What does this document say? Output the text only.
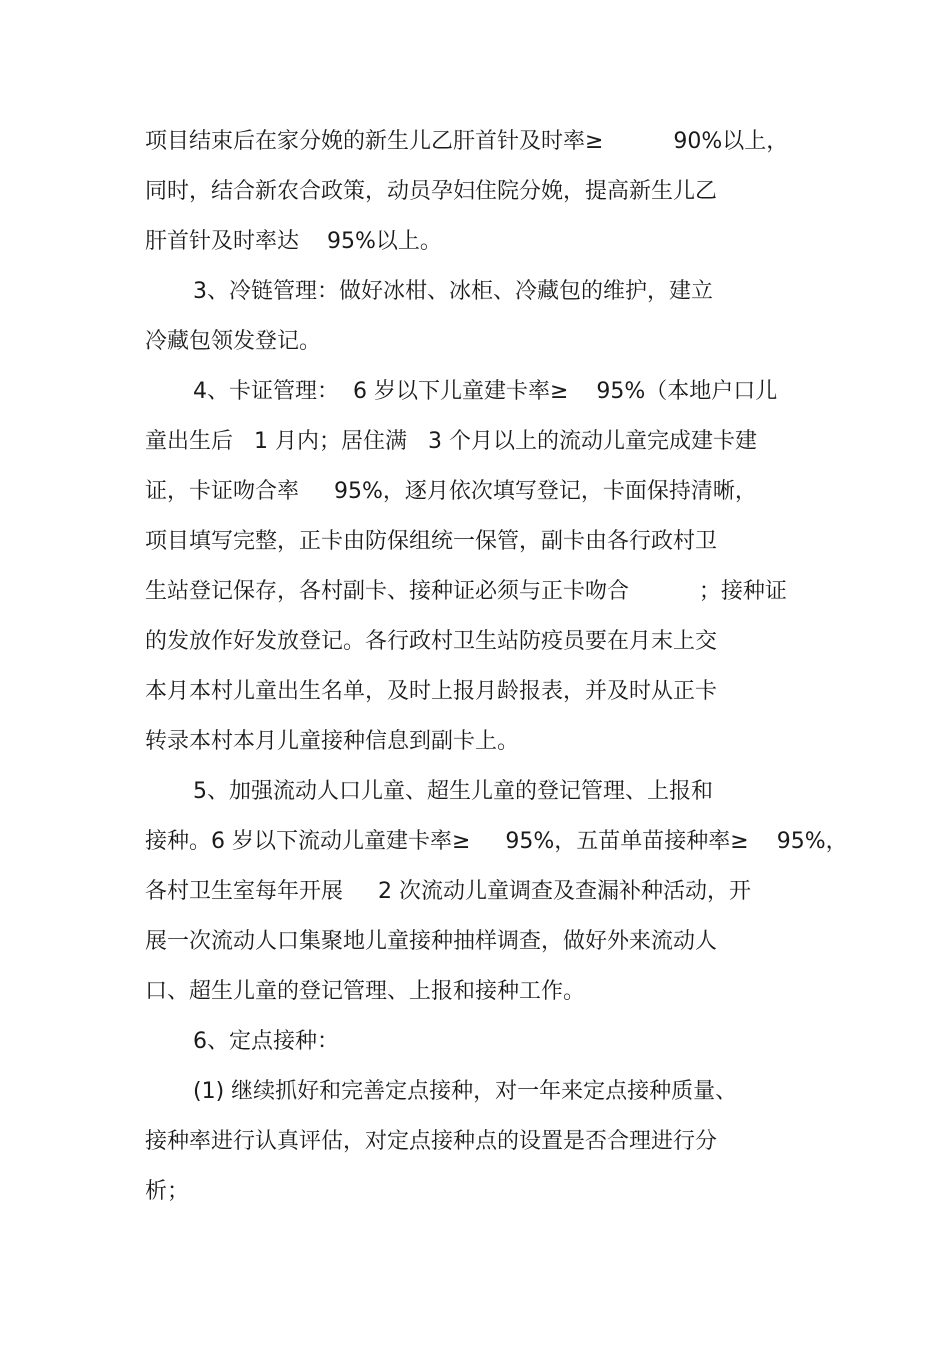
项目结束后在家分娩的新生儿乙肝首针及时率≥          90%以上，
同时，结合新农合政策，动员孕妇住院分娩，提高新生儿乙
肝首针及时率达    95%以上。
3、冷链管理：做好冰柑、冰柜、冷藏包的维护，建立
冷藏包领发登记。
4、卡证管理：  6 岁以下儿童建卡率≥    95%（本地户口儿
童出生后   1 月内；居住满   3 个月以上的流动儿童完成建卡建
证，卡证吻合率     95%，逐月依次填写登记，卡面保持清晰，
项目填写完整，正卡由防保组统一保管，副卡由各行政村卫
生站登记保存，各村副卡、接种证必须与正卡吻合          ；接种证
的发放作好发放登记。各行政村卫生站防疫员要在月末上交
本月本村儿童出生名单，及时上报月龄报表，并及时从正卡
转录本村本月儿童接种信息到副卡上。
5、加强流动人口儿童、超生儿童的登记管理、上报和
接种。6 岁以下流动儿童建卡率≥     95%，五苗单苗接种率≥    95%，
各村卫生室每年开展     2 次流动儿童调查及查漏补种活动，开
展一次流动人口集聚地儿童接种抽样调查，做好外来流动人
口、超生儿童的登记管理、上报和接种工作。
6、定点接种：
(1) 继续抓好和完善定点接种，对一年来定点接种质量、
接种率进行认真评估，对定点接种点的设置是否合理进行分
析；
